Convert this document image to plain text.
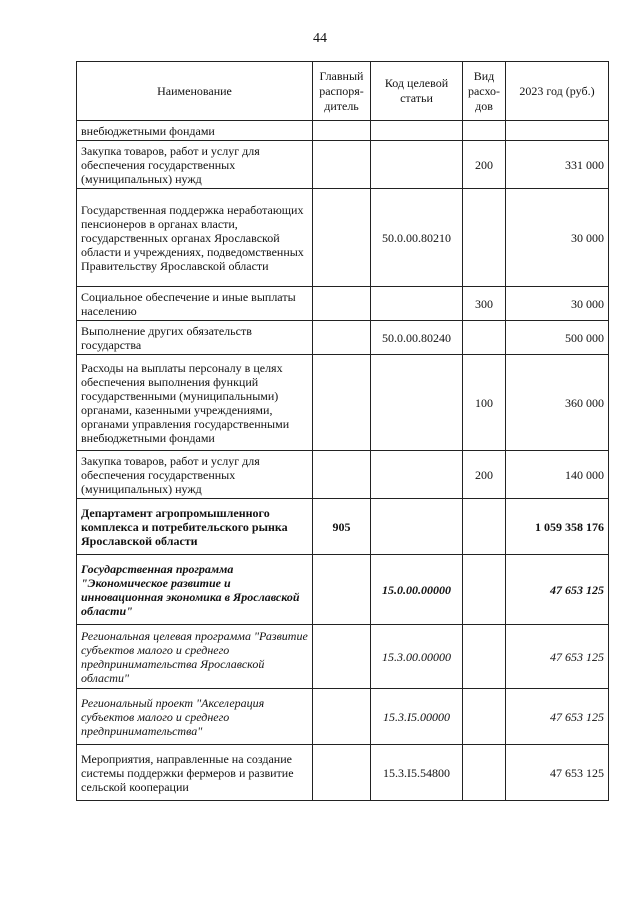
44
Наименование	Главный распоря-дитель	Код целевой статьи	Вид расхо-дов	2023 год (руб.)
внебюджетными фондами				
Закупка товаров, работ и услуг для обеспечения государственных (муниципальных) нужд			200	331 000
Государственная поддержка неработающих пенсионеров в органах власти, государственных органах Ярославской области и учреждениях, подведомственных Правительству Ярославской области		50.0.00.80210		30 000
Социальное обеспечение и иные выплаты населению			300	30 000
Выполнение других обязательств государства		50.0.00.80240		500 000
Расходы на выплаты персоналу в целях обеспечения выполнения функций государственными (муниципальными) органами, казенными учреждениями, органами управления государственными внебюджетными фондами			100	360 000
Закупка товаров, работ и услуг для обеспечения государственных (муниципальных) нужд			200	140 000
Департамент агропромышленного комплекса и потребительского рынка Ярославской области	905			1 059 358 176
Государственная программа "Экономическое развитие и инновационная экономика в Ярославской области"		15.0.00.00000		47 653 125
Региональная целевая программа "Развитие субъектов малого и среднего предпринимательства Ярославской области"		15.3.00.00000		47 653 125
Региональный проект "Акселерация субъектов малого и среднего предпринимательства"		15.3.I5.00000		47 653 125
Мероприятия, направленные на создание системы поддержки фермеров и развитие сельской кооперации		15.3.I5.54800		47 653 125
